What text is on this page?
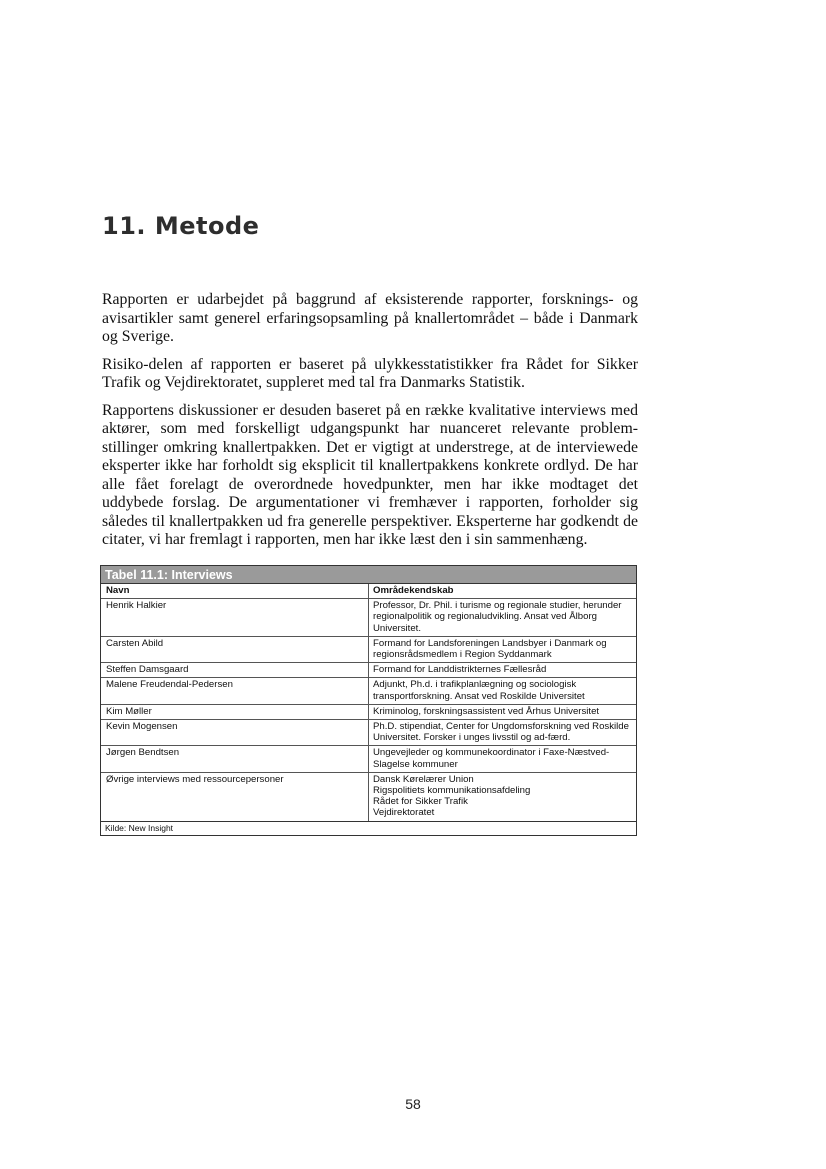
11. Metode

Rapporten er udarbejdet på baggrund af eksisterende rapporter, forsknings- og avisartikler samt generel erfaringsopsamling på knallertområdet – både i Danmark og Sverige.

Risiko-delen af rapporten er baseret på ulykkesstatistikker fra Rådet for Sikker Trafik og Vejdirektoratet, suppleret med tal fra Danmarks Statistik.

Rapportens diskussioner er desuden baseret på en række kvalitative interviews med aktører, som med forskelligt udgangspunkt har nuanceret relevante problem-stillinger omkring knallertpakken. Det er vigtigt at understrege, at de interviewede eksperter ikke har forholdt sig eksplicit til knallertpakkens konkrete ordlyd. De har alle fået forelagt de overordnede hovedpunkter, men har ikke modtaget det uddybede forslag. De argumentationer vi fremhæver i rapporten, forholder sig således til knallertpakken ud fra generelle perspektiver. Eksperterne har godkendt de citater, vi har fremlagt i rapporten, men har ikke læst den i sin sammenhæng.

Tabel 11.1: Interviews
Navn	Områdekendskab
Henrik Halkier	Professor, Dr. Phil. i turisme og regionale studier, herunder regionalpolitik og regionaludvikling. Ansat ved Ålborg Universitet.
Carsten Abild	Formand for Landsforeningen Landsbyer i Danmark og regionsrådsmedlem i Region Syddanmark
Steffen Damsgaard	Formand for Landdistrikternes Fællesråd
Malene Freudendal-Pedersen	Adjunkt, Ph.d. i trafikplanlægning og sociologisk transportforskning. Ansat ved Roskilde Universitet
Kim Møller	Kriminolog, forskningsassistent ved Århus Universitet
Kevin Mogensen	Ph.D. stipendiat, Center for Ungdomsforskning ved Roskilde Universitet. Forsker i unges livsstil og ad-færd.
Jørgen Bendtsen	Ungevejleder og kommunekoordinator i Faxe-Næstved-Slagelse kommuner
Øvrige interviews med ressourcepersoner	Dansk Kørelærer Union
Rigspolitiets kommunikationsafdeling
Rådet for Sikker Trafik
Vejdirektoratet
Kilde: New Insight
58
